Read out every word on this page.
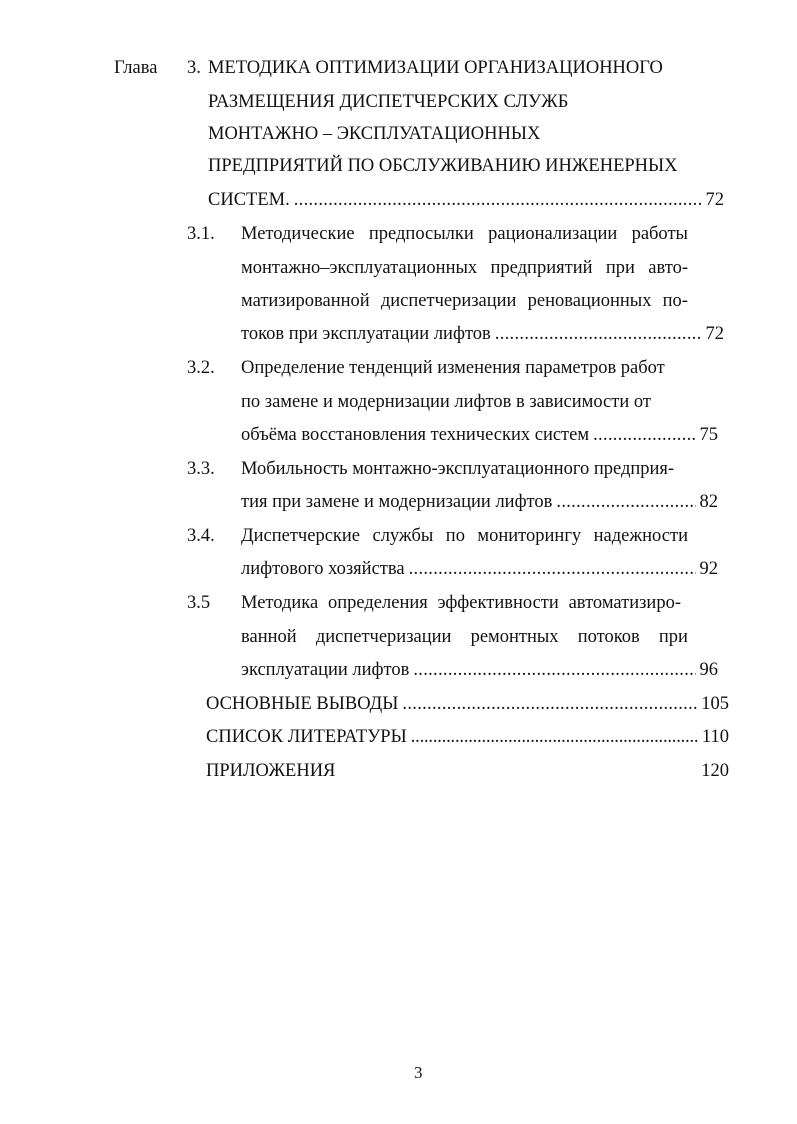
Глава 3. МЕТОДИКА ОПТИМИЗАЦИИ ОРГАНИЗАЦИОННОГО
РАЗМЕЩЕНИЯ ДИСПЕТЧЕРСКИХ СЛУЖБ
МОНТАЖНО – ЭКСПЛУАТАЦИОННЫХ
ПРЕДПРИЯТИЙ ПО ОБСЛУЖИВАНИЮ ИНЖЕНЕРНЫХ
СИСТЕМ. .....	72
3.1. Методические предпосылки рационализации работы
монтажно–эксплуатационных предприятий при авто-
матизированной диспетчеризации реновационных по-
токов при эксплуатации лифтов .....	72
3.2. Определение тенденций изменения параметров работ
по замене и модернизации лифтов в зависимости от
объёма восстановления технических систем .....	75
3.3. Мобильность монтажно-эксплуатационного предприя-
тия при замене и модернизации лифтов .....	82
3.4. Диспетчерские службы по мониторингу надежности
лифтового хозяйства .....	92
3.5 Методика определения эффективности автоматизиро-
ванной диспетчеризации ремонтных потоков при
эксплуатации лифтов .....	96
ОСНОВНЫЕ ВЫВОДЫ .....	105
СПИСОК ЛИТЕРАТУРЫ .....	110
ПРИЛОЖЕНИЯ	120
3
